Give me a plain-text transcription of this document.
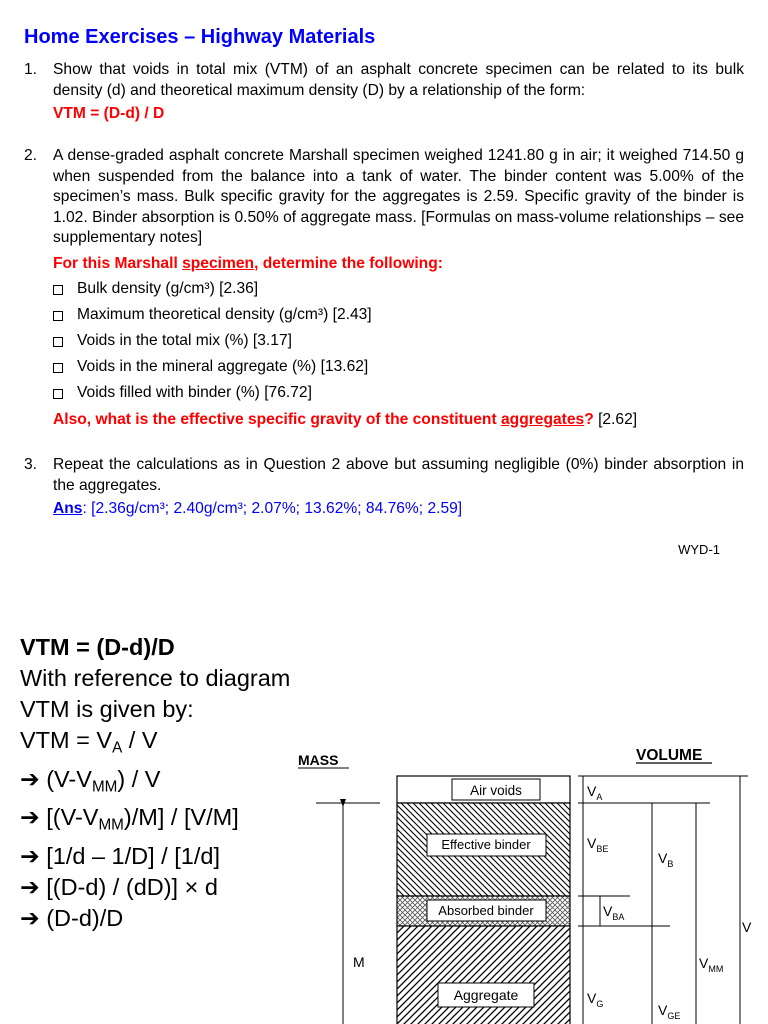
Home Exercises – Highway Materials
1. Show that voids in total mix (VTM) of an asphalt concrete specimen can be related to its bulk density (d) and theoretical maximum density (D) by a relationship of the form:
VTM = (D-d) / D
2. A dense-graded asphalt concrete Marshall specimen weighed 1241.80 g in air; it weighed 714.50 g when suspended from the balance into a tank of water. The binder content was 5.00% of the specimen’s mass. Bulk specific gravity for the aggregates is 2.59. Specific gravity of the binder is 1.02. Binder absorption is 0.50% of aggregate mass. [Formulas on mass-volume relationships – see supplementary notes]
For this Marshall specimen, determine the following:
Bulk density (g/cm³) [2.36]
Maximum theoretical density (g/cm³) [2.43]
Voids in the total mix (%) [3.17]
Voids in the mineral aggregate (%) [13.62]
Voids filled with binder (%) [76.72]
Also, what is the effective specific gravity of the constituent aggregates? [2.62]
3. Repeat the calculations as in Question 2 above but assuming negligible (0%) binder absorption in the aggregates.
Ans: [2.36g/cm³; 2.40g/cm³; 2.07%; 13.62%; 84.76%; 2.59]
WYD-1
VTM = (D-d)/D
With reference to diagram
VTM is given by:
VTM = $V_A$ / V
➔ $(V-V_{MM})$ / V
➔ $[(V-V_{MM})/M] / [V/M]$
➔ [1/d – 1/D] / [1/d]
➔ [(D-d) / (dD)] × d
➔ (D-d)/D
MASS	VOLUME
M
Air voids
Effective binder
Absorbed binder
Aggregate
$V_A$
$V_{BE}$
$V_B$
$V_{BA}$
V
$V_{MM}$
$V_G$	$V_{GE}$
